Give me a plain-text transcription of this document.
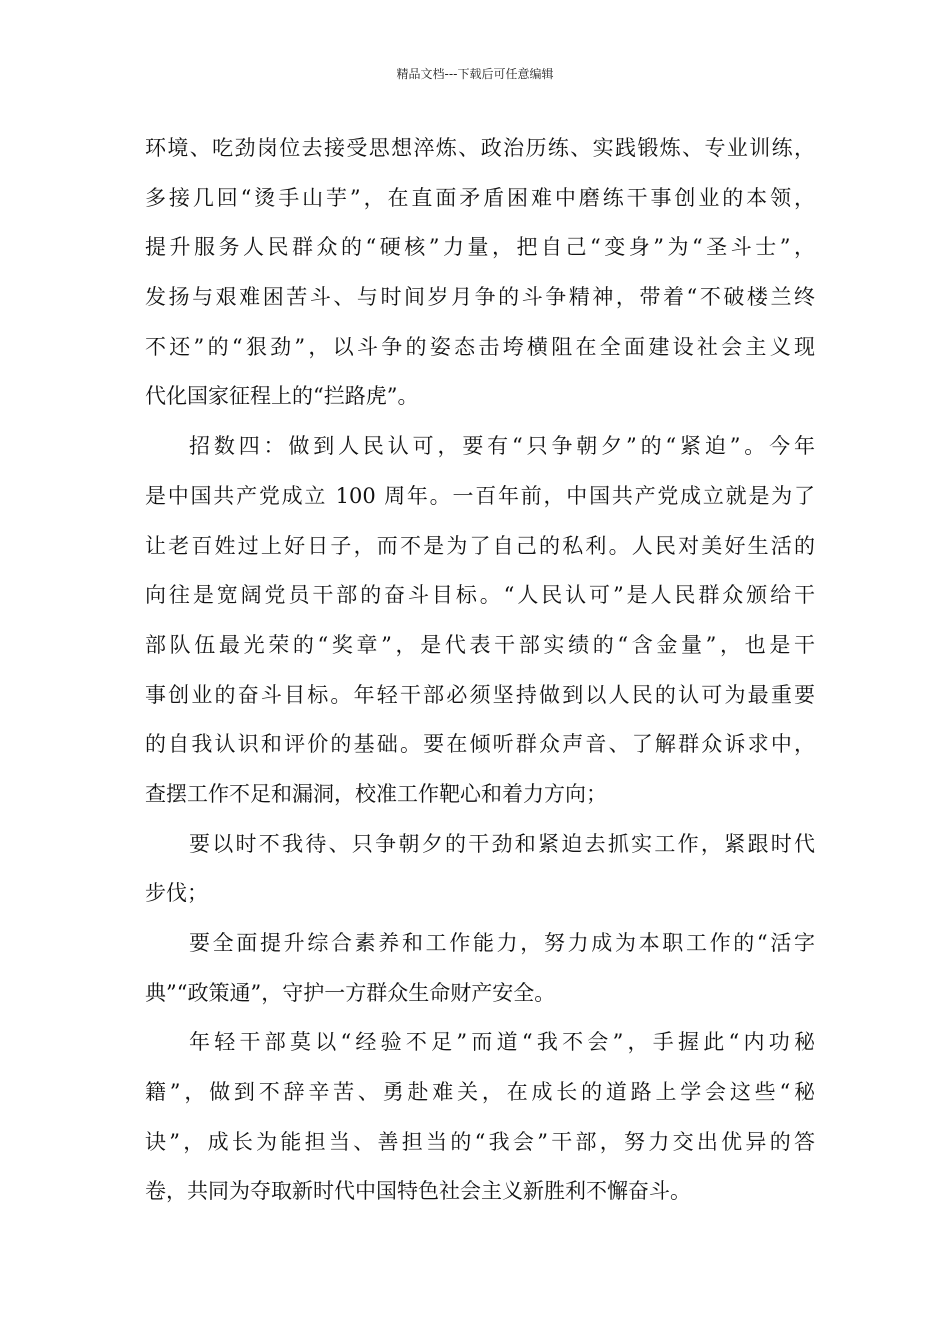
精品文档---下载后可任意编辑
环境、吃劲岗位去接受思想淬炼、政治历练、实践锻炼、专业训练，
多接几回“烫手山芋”，在直面矛盾困难中磨练干事创业的本领，
提升服务人民群众的“硬核”力量，把自己“变身”为“圣斗士”，
发扬与艰难困苦斗、与时间岁月争的斗争精神，带着“不破楼兰终
不还”的“狠劲”，以斗争的姿态击垮横阻在全面建设社会主义现
代化国家征程上的“拦路虎”。
招数四：做到人民认可，要有“只争朝夕”的“紧迫”。今年
是中国共产党成立 100 周年。一百年前，中国共产党成立就是为了
让老百姓过上好日子，而不是为了自己的私利。人民对美好生活的
向往是宽阔党员干部的奋斗目标。“人民认可”是人民群众颁给干
部队伍最光荣的“奖章”，是代表干部实绩的“含金量”，也是干
事创业的奋斗目标。年轻干部必须坚持做到以人民的认可为最重要
的自我认识和评价的基础。要在倾听群众声音、了解群众诉求中，
查摆工作不足和漏洞，校准工作靶心和着力方向；
要以时不我待、只争朝夕的干劲和紧迫去抓实工作，紧跟时代
步伐；
要全面提升综合素养和工作能力，努力成为本职工作的“活字
典”“政策通”，守护一方群众生命财产安全。
年轻干部莫以“经验不足”而道“我不会”，手握此“内功秘
籍”，做到不辞辛苦、勇赴难关，在成长的道路上学会这些“秘
诀”，成长为能担当、善担当的“我会”干部，努力交出优异的答
卷，共同为夺取新时代中国特色社会主义新胜利不懈奋斗。
